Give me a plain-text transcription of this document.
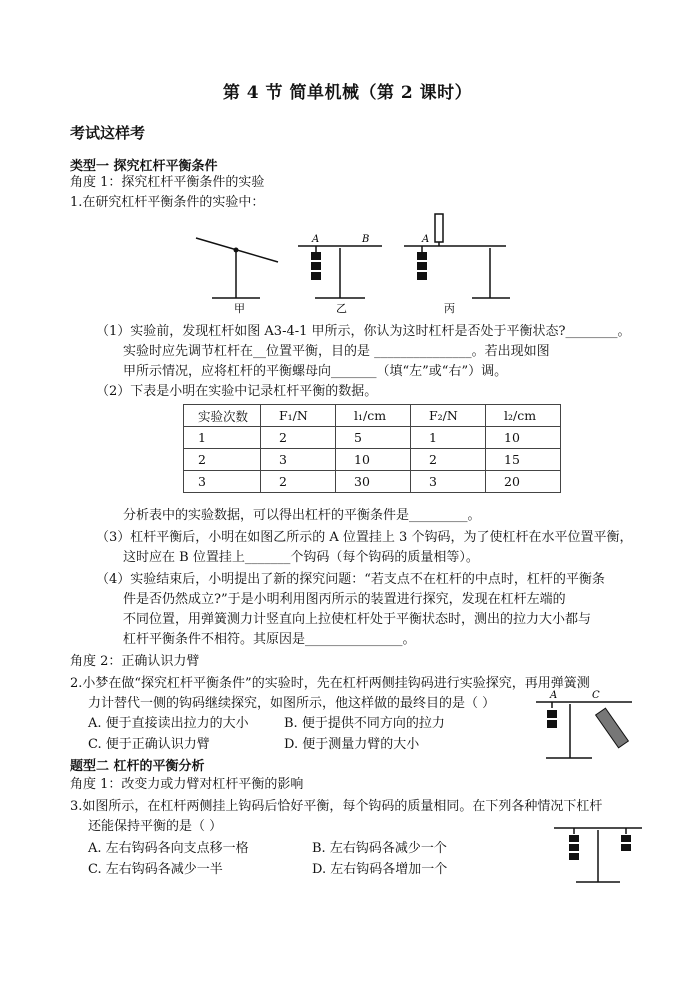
第 4 节 简单机械（第 2 课时）
考试这样考
类型一 探究杠杆平衡条件
角度 1：探究杠杆平衡条件的实验
1.在研究杠杆平衡条件的实验中：
甲	乙	丙
A	B	A
（1）实验前，发现杠杆如图 A3-4-1 甲所示，你认为这时杠杆是否处于平衡状态?________。
实验时应先调节杠杆在__位置平衡，目的是 _______________。若出现如图
甲所示情况，应将杠杆的平衡螺母向_______（填“左”或“右”）调。
（2）下表是小明在实验中记录杠杆平衡的数据。
实验次数	F₁/N	l₁/cm	F₂/N	l₂/cm
1	2	5	1	10
2	3	10	2	15
3	2	30	3	20
分析表中的实验数据，可以得出杠杆的平衡条件是_________。
（3）杠杆平衡后，小明在如图乙所示的 A 位置挂上 3 个钩码，为了使杠杆在水平位置平衡，
这时应在 B 位置挂上_______个钩码（每个钩码的质量相等）。
（4）实验结束后，小明提出了新的探究问题：“若支点不在杠杆的中点时，杠杆的平衡条
件是否仍然成立?”于是小明利用图丙所示的装置进行探究，发现在杠杆左端的
不同位置，用弹簧测力计竖直向上拉使杠杆处于平衡状态时，测出的拉力大小都与
杠杆平衡条件不相符。其原因是_______________。
角度 2：正确认识力臂
2.小梦在做“探究杠杆平衡条件”的实验时，先在杠杆两侧挂钩码进行实验探究，再用弹簧测
力计替代一侧的钩码继续探究，如图所示，他这样做的最终目的是（ ）
A. 便于直接读出拉力的大小	B. 便于提供不同方向的拉力
C. 便于正确认识力臂	D. 便于测量力臂的大小
A	C
题型二 杠杆的平衡分析
角度 1：改变力或力臂对杠杆平衡的影响
3.如图所示，在杠杆两侧挂上钩码后恰好平衡，每个钩码的质量相同。在下列各种情况下杠杆
还能保持平衡的是（ ）
A. 左右钩码各向支点移一格	B. 左右钩码各减少一个
C. 左右钩码各减少一半	D. 左右钩码各增加一个
